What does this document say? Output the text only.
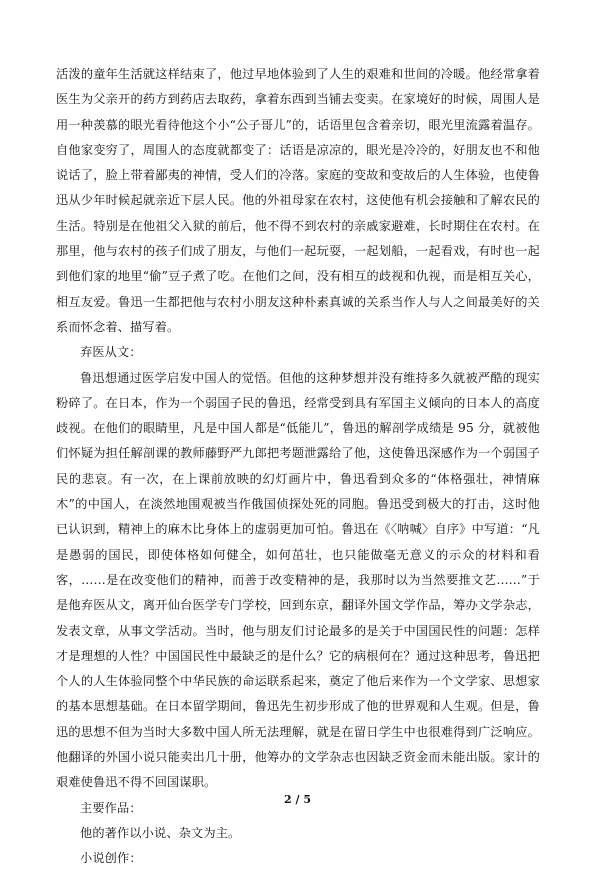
活泼的童年生活就这样结束了，他过早地体验到了人生的艰难和世间的冷暖。他经常拿着医生为父亲开的药方到药店去取药，拿着东西到当铺去变卖。在家境好的时候，周围人是用一种羡慕的眼光看待他这个小“公子哥儿”的，话语里包含着亲切，眼光里流露着温存。自他家变穷了，周围人的态度就都变了：话语是凉凉的，眼光是冷冷的，好朋友也不和他说话了，脸上带着鄙夷的神情，受人们的冷落。家庭的变故和变故后的人生体验，也使鲁迅从少年时候起就亲近下层人民。他的外祖母家在农村，这使他有机会接触和了解农民的生活。特别是在他祖父入狱的前后，他不得不到农村的亲戚家避难，长时期住在农村。在那里，他与农村的孩子们成了朋友，与他们一起玩耍，一起划船，一起看戏，有时也一起到他们家的地里“偷”豆子煮了吃。在他们之间，没有相互的歧视和仇视，而是相互关心，相互友爱。鲁迅一生都把他与农村小朋友这种朴素真诚的关系当作人与人之间最美好的关系而怀念着、描写着。

弃医从文：

鲁迅想通过医学启发中国人的觉悟。但他的这种梦想并没有维持多久就被严酷的现实粉碎了。在日本，作为一个弱国子民的鲁迅，经常受到具有军国主义倾向的日本人的高度歧视。在他们的眼睛里，凡是中国人都是“低能儿”，鲁迅的解剖学成绩是 95 分，就被他们怀疑为担任解剖课的教师藤野严九郎把考题泄露给了他，这使鲁迅深感作为一个弱国子民的悲哀。有一次，在上课前放映的幻灯画片中，鲁迅看到众多的“体格强壮，神情麻木”的中国人，在淡然地围观被当作俄国侦探处死的同胞。鲁迅受到极大的打击，这时他已认识到，精神上的麻木比身体上的虚弱更加可怕。鲁迅在《〈呐喊〉自序》中写道：“凡是愚弱的国民，即使体格如何健全，如何茁壮，也只能做毫无意义的示众的材料和看客，……是在改变他们的精神，而善于改变精神的是，我那时以为当然要推文艺……”于是他弃医从文，离开仙台医学专门学校，回到东京，翻译外国文学作品，筹办文学杂志，发表文章，从事文学活动。当时，他与朋友们讨论最多的是关于中国国民性的问题：怎样才是理想的人性？中国国民性中最缺乏的是什么？它的病根何在？通过这种思考，鲁迅把个人的人生体验同整个中华民族的命运联系起来，奠定了他后来作为一个文学家、思想家的基本思想基础。在日本留学期间，鲁迅先生初步形成了他的世界观和人生观。但是，鲁迅的思想不但为当时大多数中国人所无法理解，就是在留日学生中也很难得到广泛响应。他翻译的外国小说只能卖出几十册，他筹办的文学杂志也因缺乏资金而未能出版。家计的艰难使鲁迅不得不回国谋职。

主要作品：

他的著作以小说、杂文为主。

小说创作：

2 / 5
